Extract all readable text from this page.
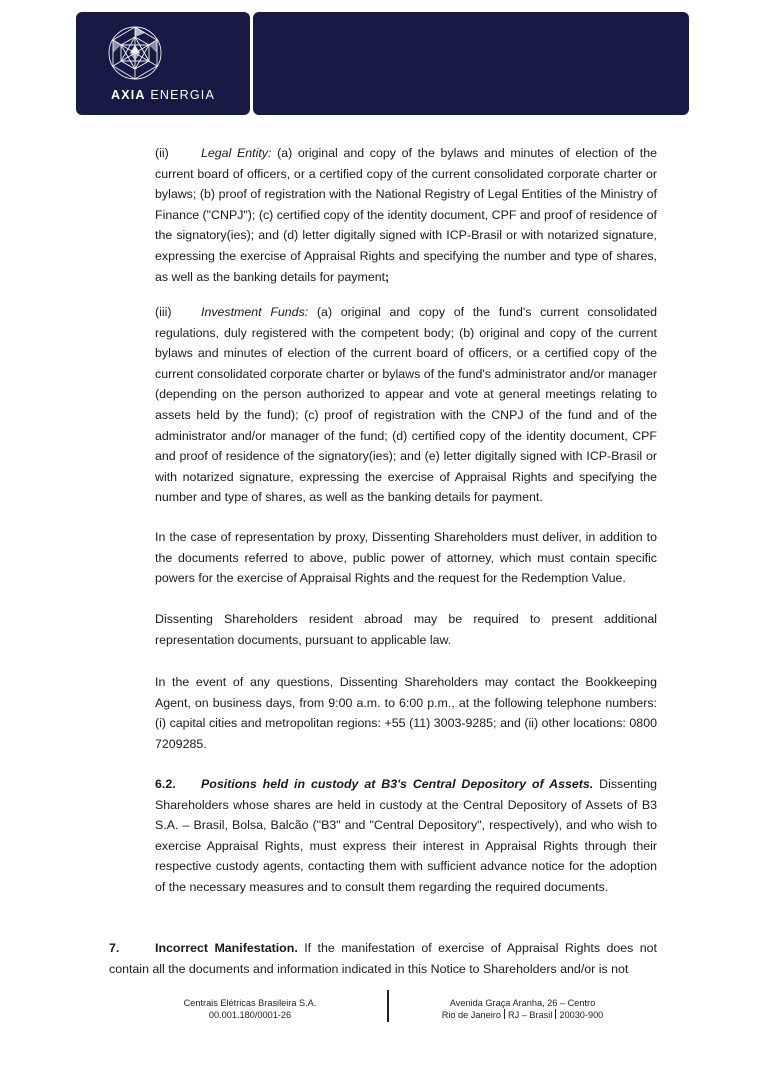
AXIA ENERGIA

(ii)	Legal Entity: (a) original and copy of the bylaws and minutes of election of the current board of officers, or a certified copy of the current consolidated corporate charter or bylaws; (b) proof of registration with the National Registry of Legal Entities of the Ministry of Finance ("CNPJ"); (c) certified copy of the identity document, CPF and proof of residence of the signatory(ies); and (d) letter digitally signed with ICP-Brasil or with notarized signature, expressing the exercise of Appraisal Rights and specifying the number and type of shares, as well as the banking details for payment;

(iii) Investment Funds: (a) original and copy of the fund's current consolidated regulations, duly registered with the competent body; (b) original and copy of the current bylaws and minutes of election of the current board of officers, or a certified copy of the current consolidated corporate charter or bylaws of the fund's administrator and/or manager (depending on the person authorized to appear and vote at general meetings relating to assets held by the fund); (c) proof of registration with the CNPJ of the fund and of the administrator and/or manager of the fund; (d) certified copy of the identity document, CPF and proof of residence of the signatory(ies); and (e) letter digitally signed with ICP-Brasil or with notarized signature, expressing the exercise of Appraisal Rights and specifying the number and type of shares, as well as the banking details for payment.

In the case of representation by proxy, Dissenting Shareholders must deliver, in addition to the documents referred to above, public power of attorney, which must contain specific powers for the exercise of Appraisal Rights and the request for the Redemption Value.

Dissenting Shareholders resident abroad may be required to present additional representation documents, pursuant to applicable law.

In the event of any questions, Dissenting Shareholders may contact the Bookkeeping Agent, on business days, from 9:00 a.m. to 6:00 p.m., at the following telephone numbers: (i) capital cities and metropolitan regions: +55 (11) 3003-9285; and (ii) other locations: 0800 7209285.

6.2. Positions held in custody at B3's Central Depository of Assets. Dissenting Shareholders whose shares are held in custody at the Central Depository of Assets of B3 S.A. – Brasil, Bolsa, Balcão ("B3" and "Central Depository", respectively), and who wish to exercise Appraisal Rights, must express their interest in Appraisal Rights through their respective custody agents, contacting them with sufficient advance notice for the adoption of the necessary measures and to consult them regarding the required documents.

7.	Incorrect Manifestation. If the manifestation of exercise of Appraisal Rights does not contain all the documents and information indicated in this Notice to Shareholders and/or is not

Centrais Elétricas Brasileira S.A.
00.001.180/0001-26
Avenida Graça Aranha, 26 – Centro
Rio de Janeiro RJ – Brasil 20030-900
